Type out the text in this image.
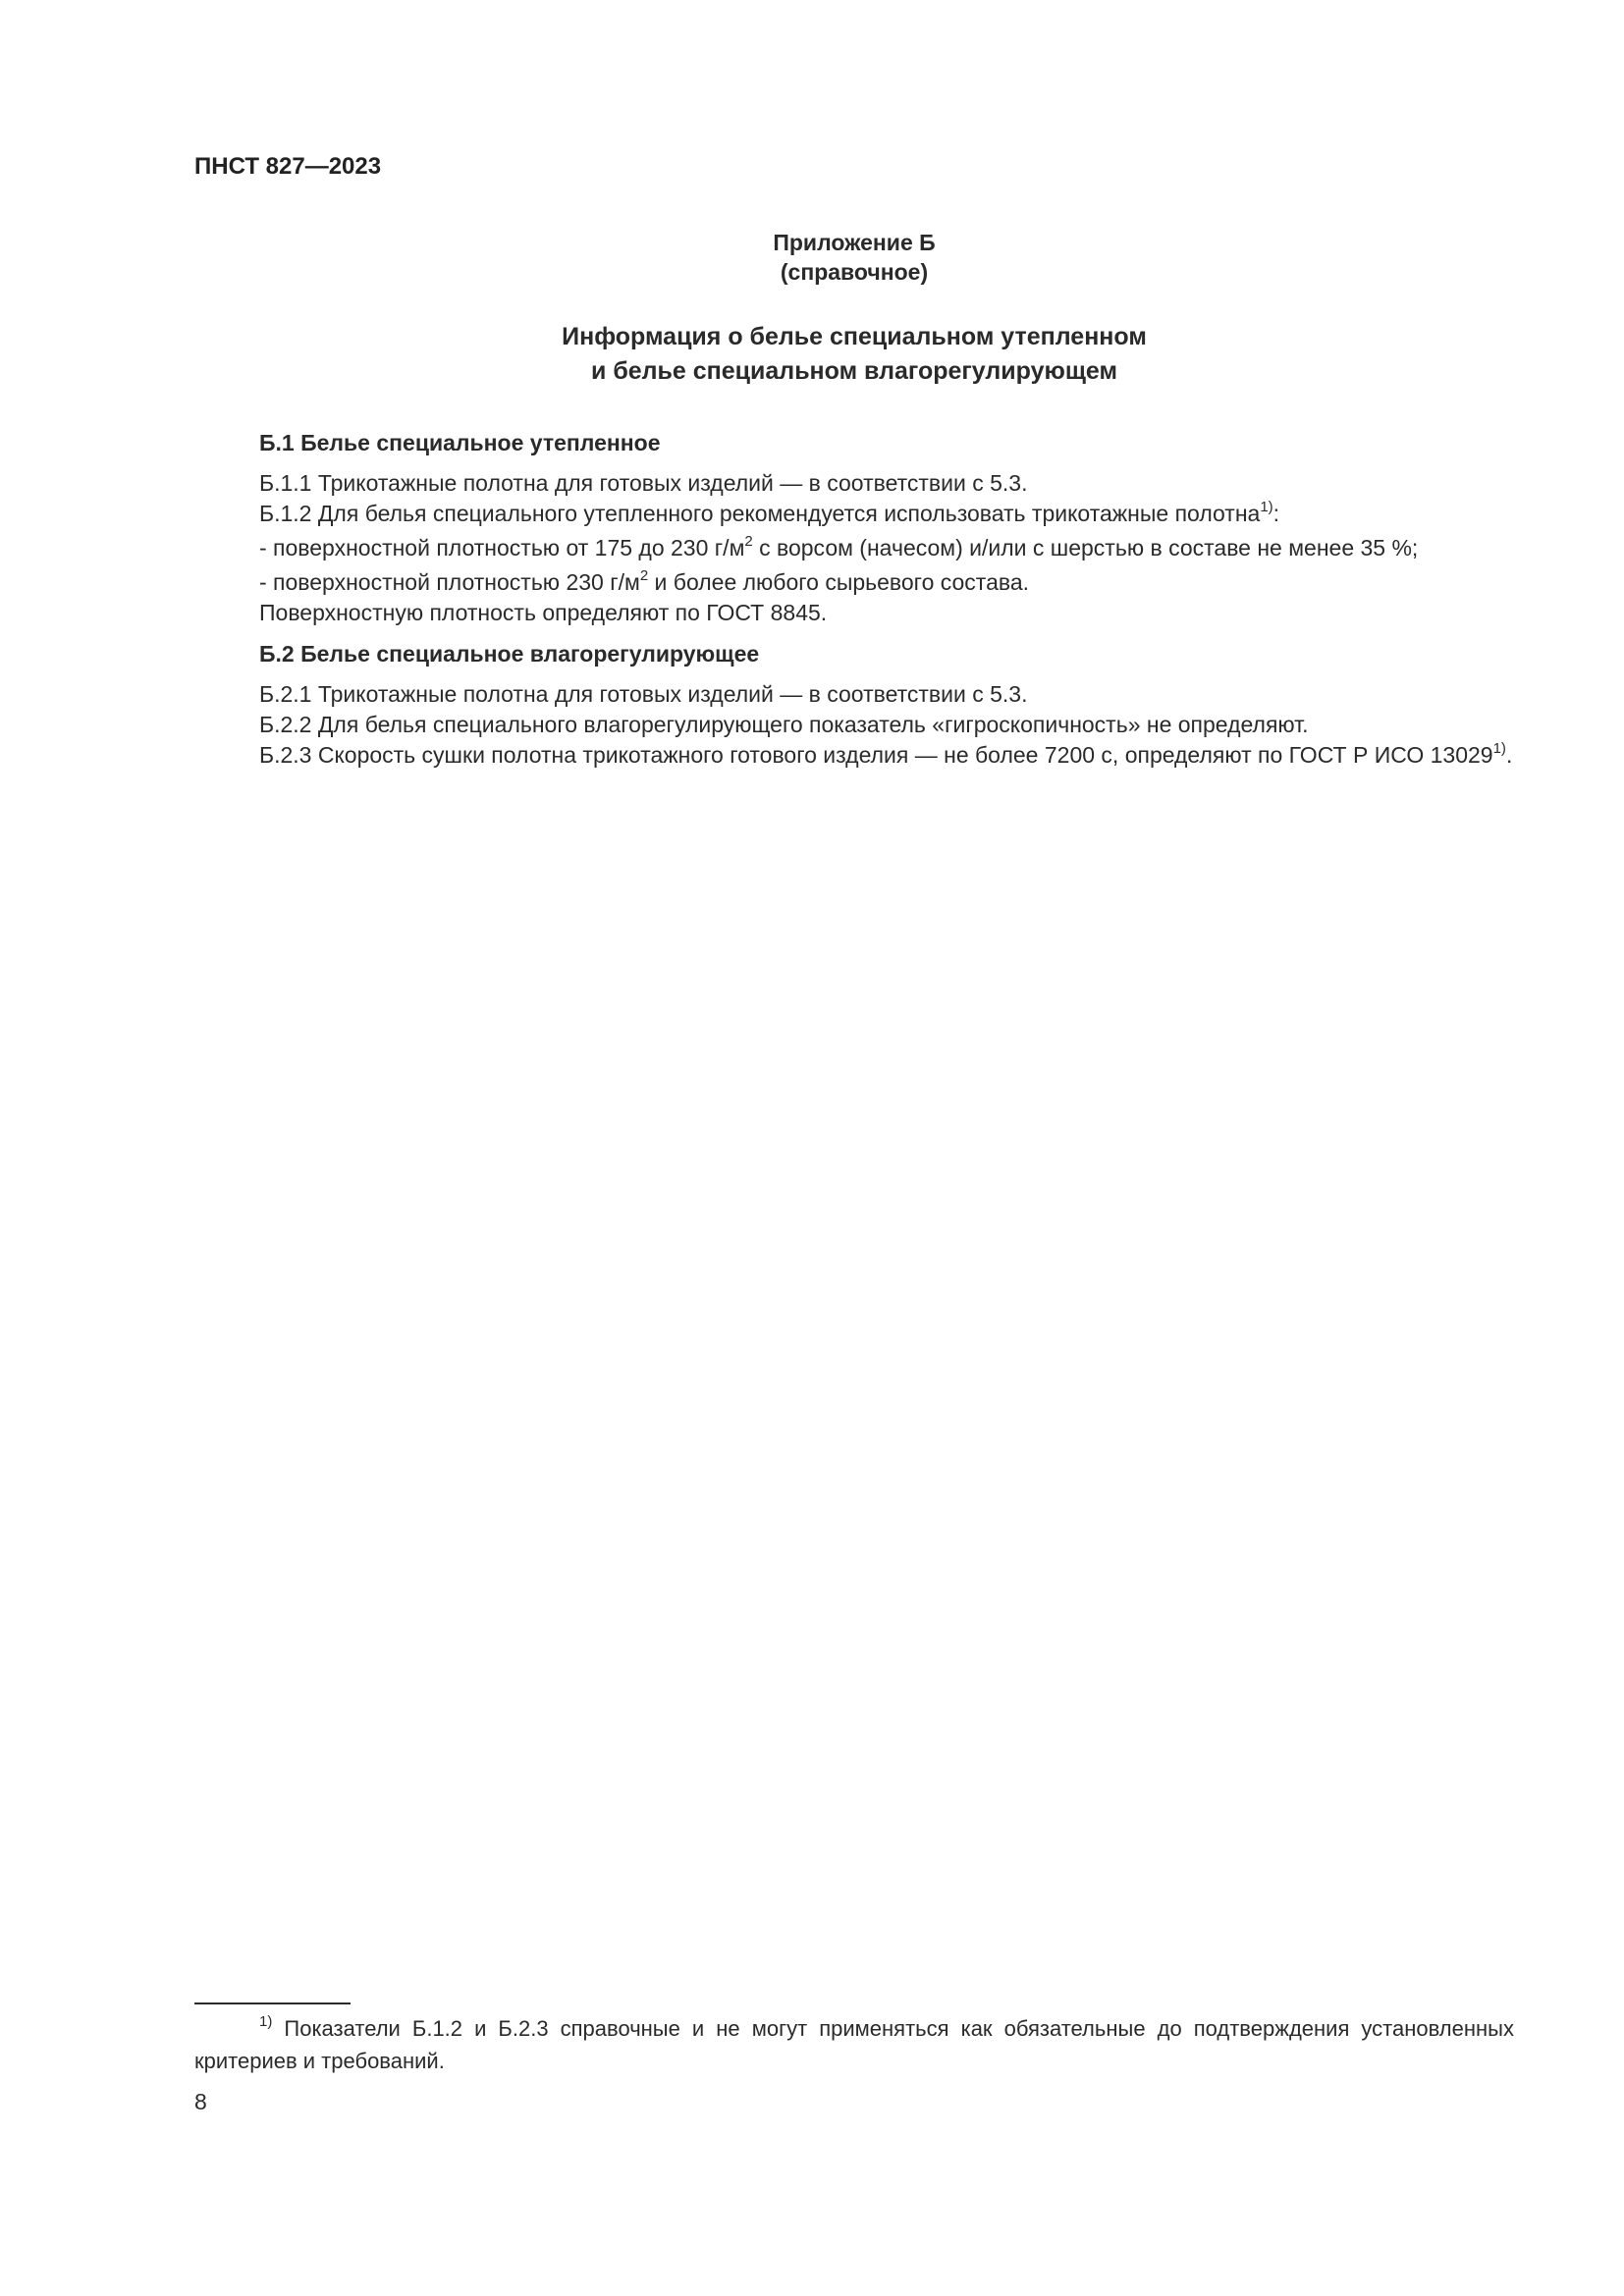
ПНСТ 827—2023
Приложение Б
(справочное)
Информация о белье специальном утепленном
и белье специальном влагорегулирующем
Б.1 Белье специальное утепленное

Б.1.1 Трикотажные полотна для готовых изделий — в соответствии с 5.3.

Б.1.2 Для белья специального утепленного рекомендуется использовать трикотажные полотна$^{1)}$:

- поверхностной плотностью от 175 до 230 $г/м^2$ с ворсом (начесом) и/или с шерстью в составе не менее 35 %;

- поверхностной плотностью 230 $г/м^2$ и более любого сырьевого состава.

Поверхностную плотность определяют по ГОСТ 8845.

Б.2 Белье специальное влагорегулирующее

Б.2.1 Трикотажные полотна для готовых изделий — в соответствии с 5.3.

Б.2.2 Для белья специального влагорегулирующего показатель «гигроскопичность» не определяют.

Б.2.3 Скорость сушки полотна трикотажного готового изделия — не более 7200 с, определяют по ГОСТ Р ИСО 13029$^{1)}$.

$^{1)}$ Показатели Б.1.2 и Б.2.3 справочные и не могут применяться как обязательные до подтверждения установленных критериев и требований.
8
